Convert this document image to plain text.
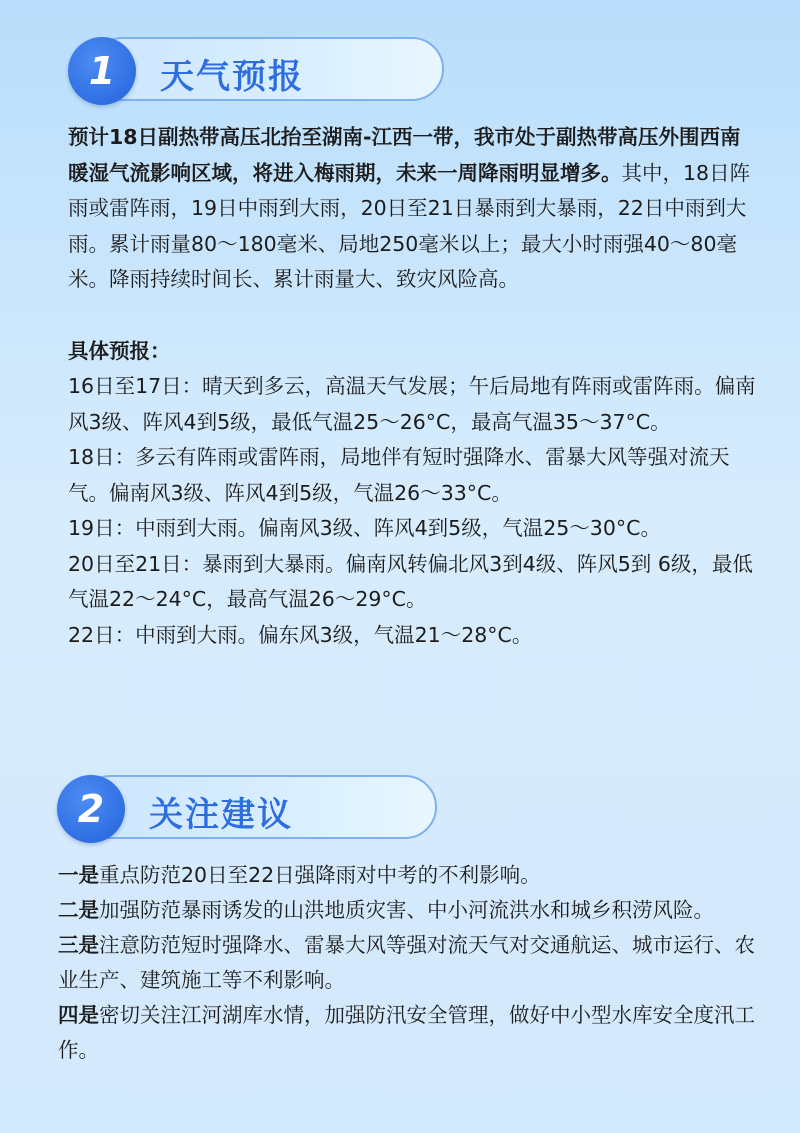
1	天气预报

预计18日副热带高压北抬至湖南-江西一带，我市处于副热带高压外围西南暖湿气流影响区域，将进入梅雨期，未来一周降雨明显增多。其中，18日阵雨或雷阵雨，19日中雨到大雨，20日至21日暴雨到大暴雨，22日中雨到大雨。累计雨量80～180毫米、局地250毫米以上；最大小时雨强40～80毫米。降雨持续时间长、累计雨量大、致灾风险高。

具体预报：

16日至17日：晴天到多云，高温天气发展；午后局地有阵雨或雷阵雨。偏南风3级、阵风4到5级，最低气温25～26°C，最高气温35～37°C。

18日：多云有阵雨或雷阵雨，局地伴有短时强降水、雷暴大风等强对流天气。偏南风3级、阵风4到5级，气温26～33°C。

19日：中雨到大雨。偏南风3级、阵风4到5级，气温25～30°C。

20日至21日：暴雨到大暴雨。偏南风转偏北风3到4级、阵风5到 6级，最低气温22～24°C，最高气温26～29°C。

22日：中雨到大雨。偏东风3级，气温21～28°C。

2	关注建议

一是重点防范20日至22日强降雨对中考的不利影响。

二是加强防范暴雨诱发的山洪地质灾害、中小河流洪水和城乡积涝风险。

三是注意防范短时强降水、雷暴大风等强对流天气对交通航运、城市运行、农业生产、建筑施工等不利影响。

四是密切关注江河湖库水情，加强防汛安全管理，做好中小型水库安全度汛工作。
